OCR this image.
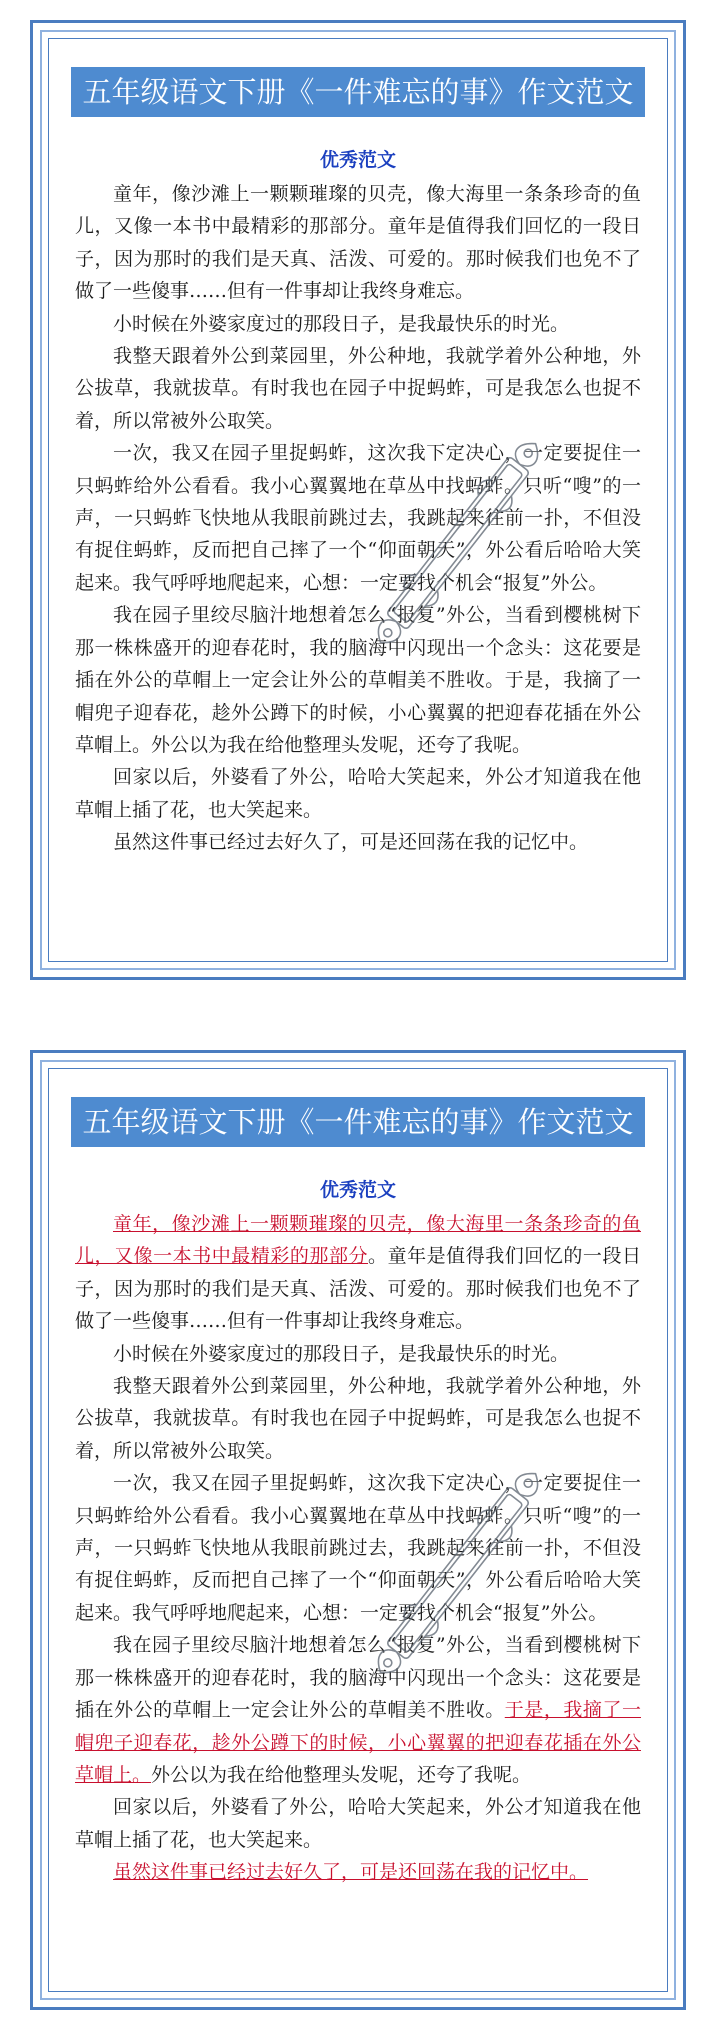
五年级语文下册《一件难忘的事》作文范文
优秀范文

童年，像沙滩上一颗颗璀璨的贝壳，像大海里一条条珍奇的鱼儿，又像一本书中最精彩的那部分。童年是值得我们回忆的一段日子，因为那时的我们是天真、活泼、可爱的。那时候我们也免不了做了一些傻事……但有一件事却让我终身难忘。

小时候在外婆家度过的那段日子，是我最快乐的时光。

我整天跟着外公到菜园里，外公种地，我就学着外公种地，外公拔草，我就拔草。有时我也在园子中捉蚂蚱，可是我怎么也捉不着，所以常被外公取笑。

一次，我又在园子里捉蚂蚱，这次我下定决心，一定要捉住一只蚂蚱给外公看看。我小心翼翼地在草丛中找蚂蚱。只听“嗖”的一声，一只蚂蚱飞快地从我眼前跳过去，我跳起来往前一扑，不但没有捉住蚂蚱，反而把自己摔了一个“仰面朝天”，外公看后哈哈大笑起来。我气呼呼地爬起来，心想：一定要找个机会“报复”外公。

我在园子里绞尽脑汁地想着怎么“报复”外公，当看到樱桃树下那一株株盛开的迎春花时，我的脑海中闪现出一个念头：这花要是插在外公的草帽上一定会让外公的草帽美不胜收。于是，我摘了一帽兜子迎春花，趁外公蹲下的时候，小心翼翼的把迎春花插在外公草帽上。外公以为我在给他整理头发呢，还夸了我呢。

回家以后，外婆看了外公，哈哈大笑起来，外公才知道我在他草帽上插了花，也大笑起来。

虽然这件事已经过去好久了，可是还回荡在我的记忆中。

五年级语文下册《一件难忘的事》作文范文
优秀范文

童年，像沙滩上一颗颗璀璨的贝壳，像大海里一条条珍奇的鱼儿，又像一本书中最精彩的那部分。童年是值得我们回忆的一段日子，因为那时的我们是天真、活泼、可爱的。那时候我们也免不了做了一些傻事……但有一件事却让我终身难忘。

小时候在外婆家度过的那段日子，是我最快乐的时光。

我整天跟着外公到菜园里，外公种地，我就学着外公种地，外公拔草，我就拔草。有时我也在园子中捉蚂蚱，可是我怎么也捉不着，所以常被外公取笑。

一次，我又在园子里捉蚂蚱，这次我下定决心，一定要捉住一只蚂蚱给外公看看。我小心翼翼地在草丛中找蚂蚱。只听“嗖”的一声，一只蚂蚱飞快地从我眼前跳过去，我跳起来往前一扑，不但没有捉住蚂蚱，反而把自己摔了一个“仰面朝天”，外公看后哈哈大笑起来。我气呼呼地爬起来，心想：一定要找个机会“报复”外公。

我在园子里绞尽脑汁地想着怎么“报复”外公，当看到樱桃树下那一株株盛开的迎春花时，我的脑海中闪现出一个念头：这花要是插在外公的草帽上一定会让外公的草帽美不胜收。于是，我摘了一帽兜子迎春花，趁外公蹲下的时候，小心翼翼的把迎春花插在外公草帽上。外公以为我在给他整理头发呢，还夸了我呢。

回家以后，外婆看了外公，哈哈大笑起来，外公才知道我在他草帽上插了花，也大笑起来。

虽然这件事已经过去好久了，可是还回荡在我的记忆中。
